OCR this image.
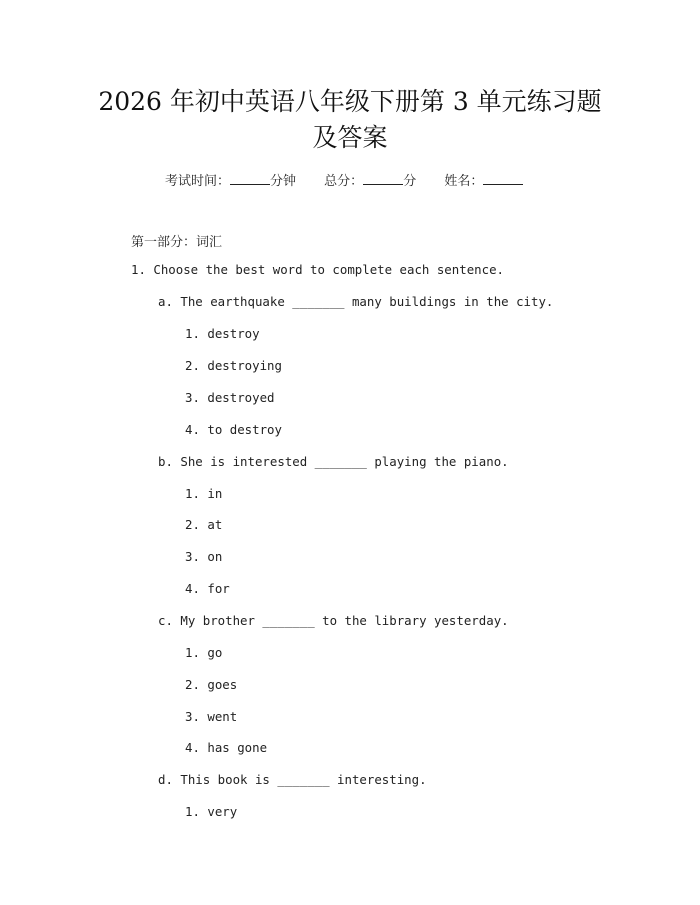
2026 年初中英语八年级下册第 3 单元练习题
及答案
考试时间：	分钟 总分：	分 姓名：
第一部分：词汇
1. Choose the best word to complete each sentence.
a. The earthquake _______ many buildings in the city.
1. destroy
2. destroying
3. destroyed
4. to destroy
b. She is interested _______ playing the piano.
1. in
2. at
3. on
4. for
c. My brother _______ to the library yesterday.
1. go
2. goes
3. went
4. has gone
d. This book is _______ interesting.
1. very
